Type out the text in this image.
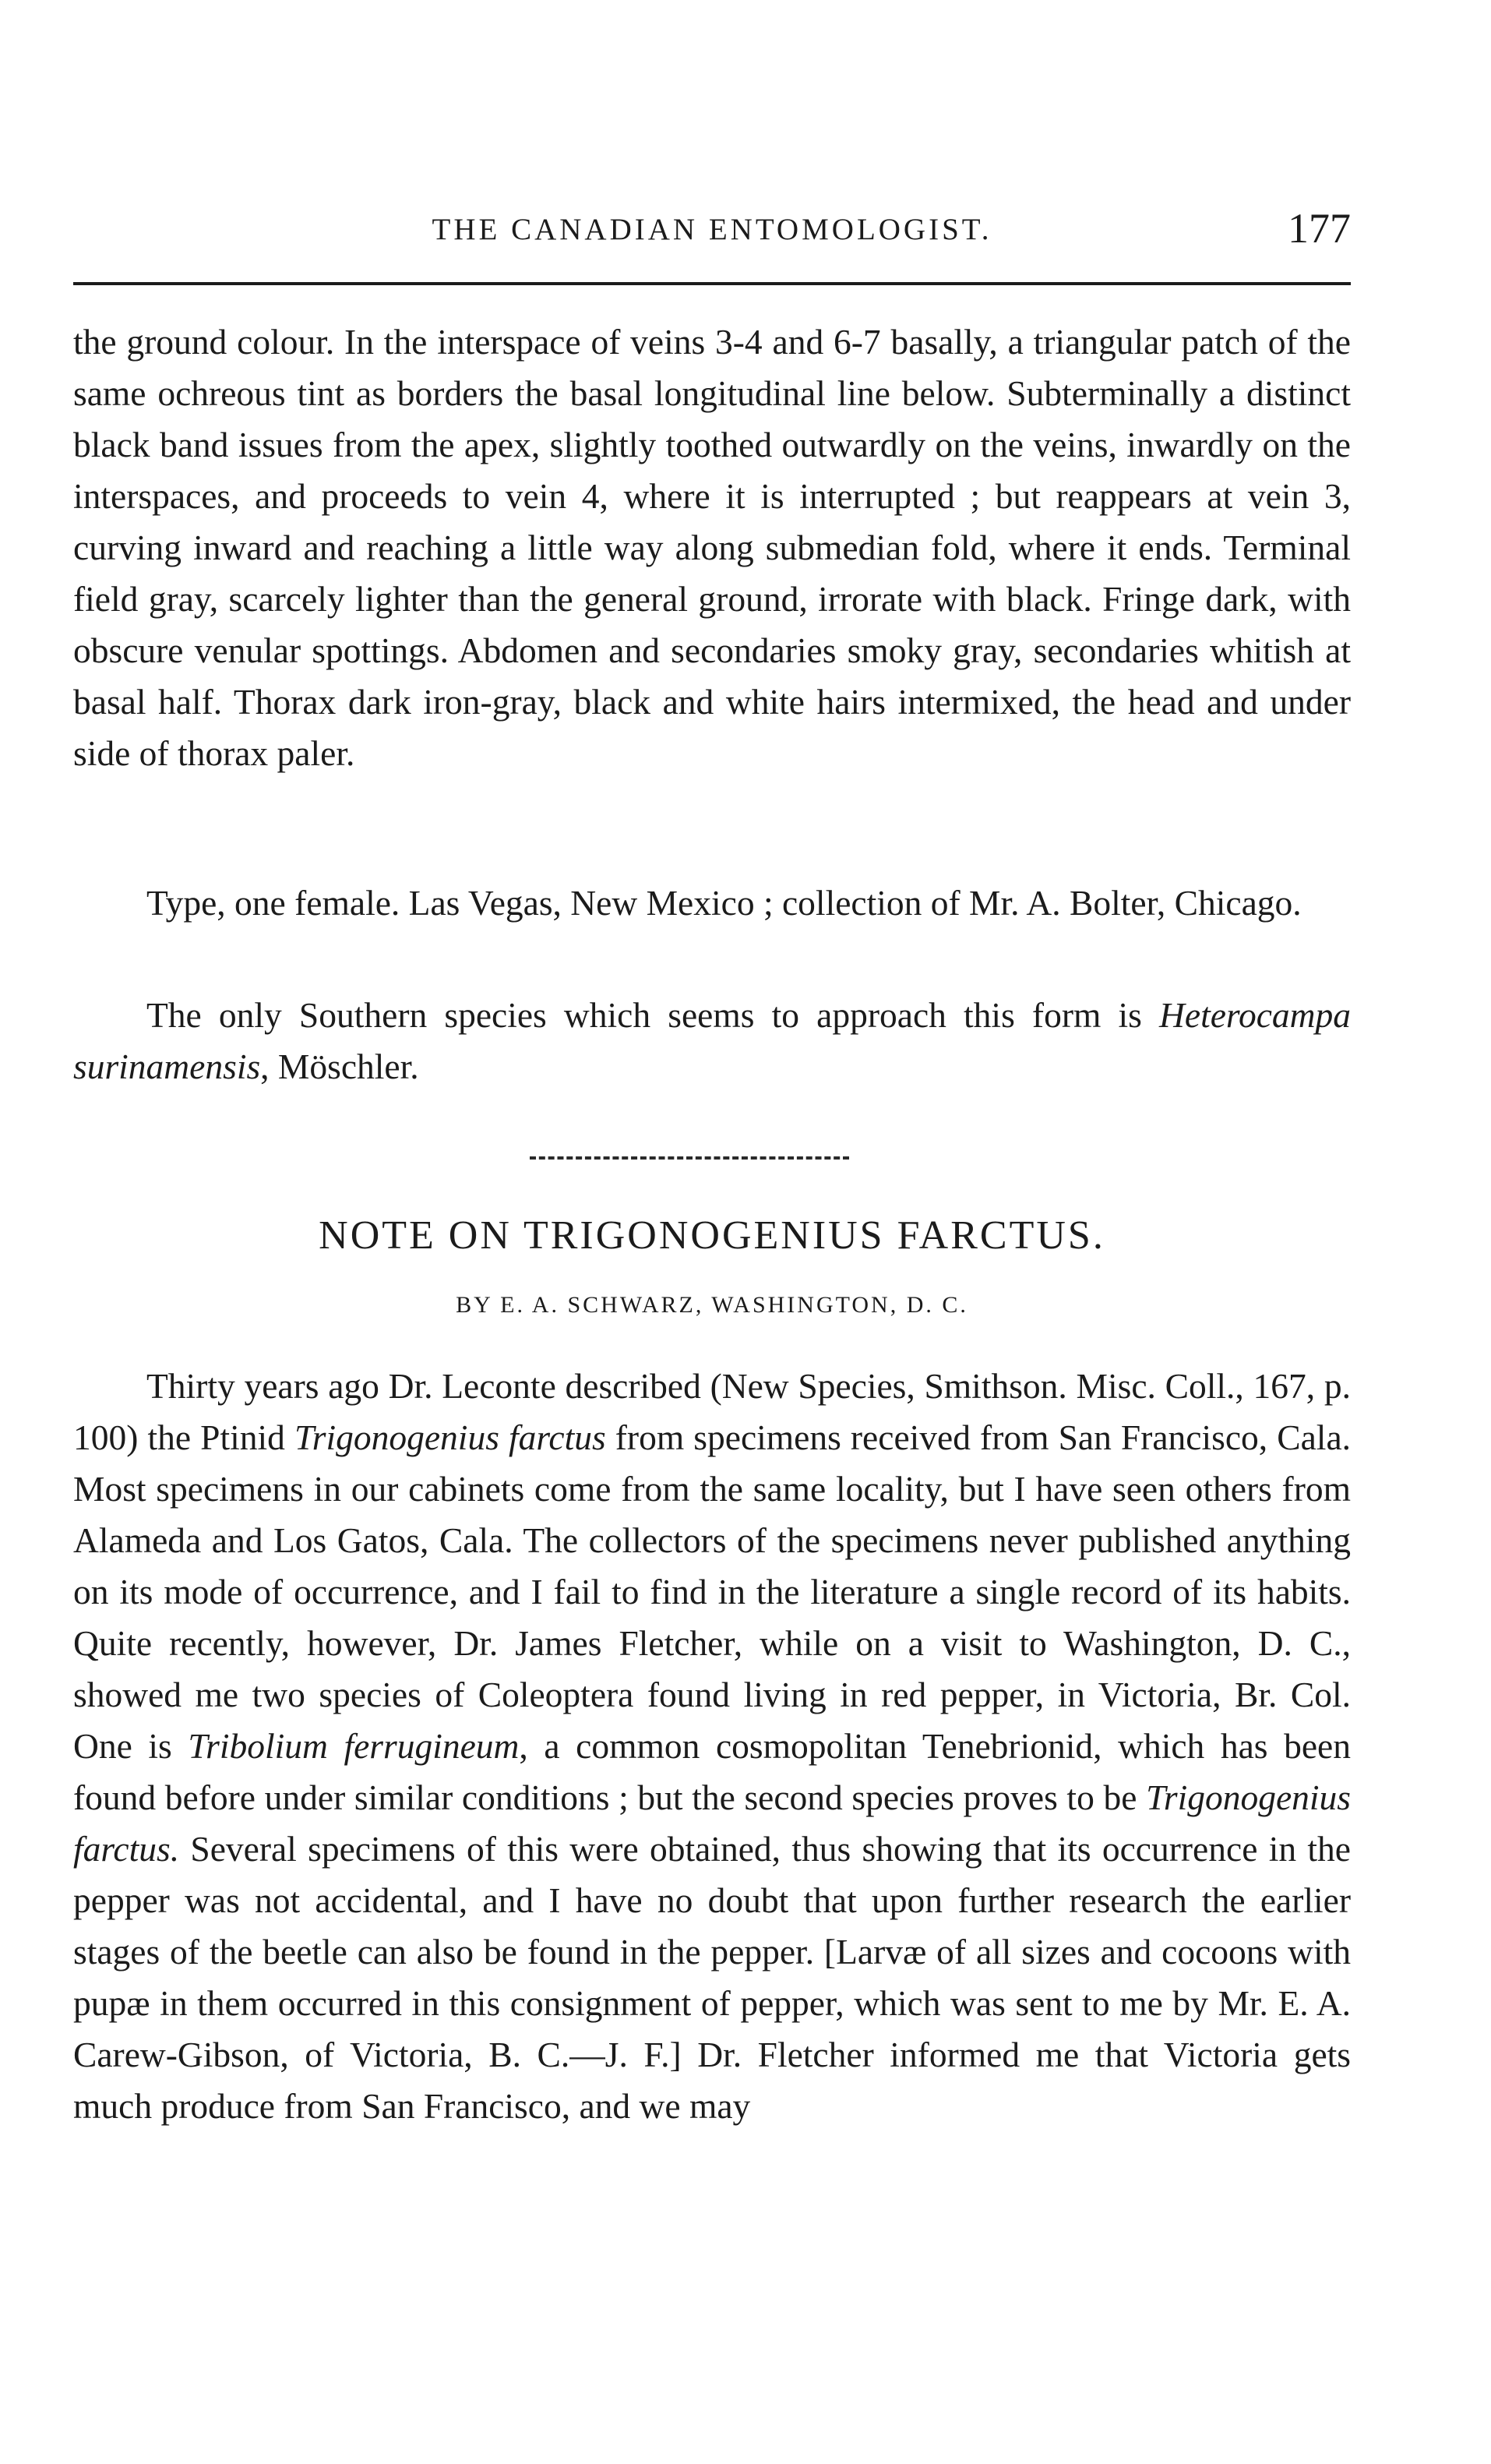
THE CANADIAN ENTOMOLOGIST.	177

the ground colour. In the interspace of veins 3-4 and 6-7 basally, a triangular patch of the same ochreous tint as borders the basal longitudinal line below. Subterminally a distinct black band issues from the apex, slightly toothed outwardly on the veins, inwardly on the interspaces, and proceeds to vein 4, where it is interrupted ; but reappears at vein 3, curving inward and reaching a little way along submedian fold, where it ends. Terminal field gray, scarcely lighter than the general ground, irrorate with black. Fringe dark, with obscure venular spottings. Abdomen and secondaries smoky gray, secondaries whitish at basal half. Thorax dark iron-gray, black and white hairs intermixed, the head and under side of thorax paler.

Type, one female. Las Vegas, New Mexico ; collection of Mr. A. Bolter, Chicago.

The only Southern species which seems to approach this form is Heterocampa surinamensis, Möschler.

NOTE ON TRIGONOGENIUS FARCTUS.
BY E. A. SCHWARZ, WASHINGTON, D. C.

Thirty years ago Dr. Leconte described (New Species, Smithson. Misc. Coll., 167, p. 100) the Ptinid Trigonogenius farctus from specimens received from San Francisco, Cala. Most specimens in our cabinets come from the same locality, but I have seen others from Alameda and Los Gatos, Cala. The collectors of the specimens never published anything on its mode of occurrence, and I fail to find in the literature a single record of its habits. Quite recently, however, Dr. James Fletcher, while on a visit to Washington, D. C., showed me two species of Coleoptera found living in red pepper, in Victoria, Br. Col. One is Tribolium ferrugineum, a common cosmopolitan Tenebrionid, which has been found before under similar conditions ; but the second species proves to be Trigonogenius farctus. Several specimens of this were obtained, thus showing that its occurrence in the pepper was not accidental, and I have no doubt that upon further research the earlier stages of the beetle can also be found in the pepper. [Larvæ of all sizes and cocoons with pupæ in them occurred in this consignment of pepper, which was sent to me by Mr. E. A. Carew-Gibson, of Victoria, B. C.—J. F.] Dr. Fletcher informed me that Victoria gets much produce from San Francisco, and we may
